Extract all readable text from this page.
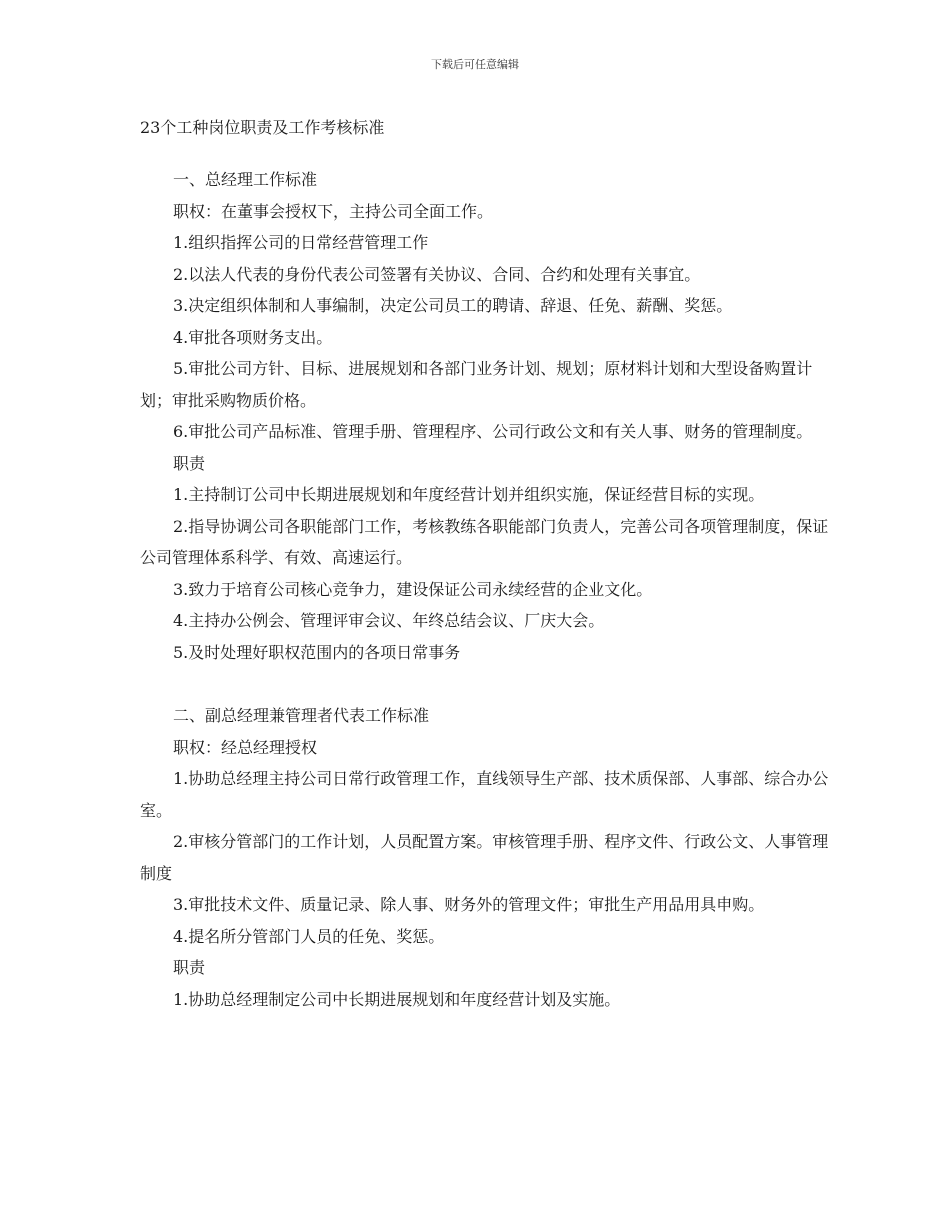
下载后可任意编辑
23个工种岗位职责及工作考核标准

一、总经理工作标准

职权：在董事会授权下，主持公司全面工作。

1.组织指挥公司的日常经营管理工作

2.以法人代表的身份代表公司签署有关协议、合同、合约和处理有关事宜。

3.决定组织体制和人事编制，决定公司员工的聘请、辞退、任免、薪酬、奖惩。

4.审批各项财务支出。

5.审批公司方针、目标、进展规划和各部门业务计划、规划；原材料计划和大型设备购置计划；审批采购物质价格。

6.审批公司产品标准、管理手册、管理程序、公司行政公文和有关人事、财务的管理制度。

职责

1.主持制订公司中长期进展规划和年度经营计划并组织实施，保证经营目标的实现。

2.指导协调公司各职能部门工作，考核教练各职能部门负责人，完善公司各项管理制度，保证公司管理体系科学、有效、高速运行。

3.致力于培育公司核心竞争力，建设保证公司永续经营的企业文化。

4.主持办公例会、管理评审会议、年终总结会议、厂庆大会。

5.及时处理好职权范围内的各项日常事务

二、副总经理兼管理者代表工作标准

职权：经总经理授权

1.协助总经理主持公司日常行政管理工作，直线领导生产部、技术质保部、人事部、综合办公室。

2.审核分管部门的工作计划，人员配置方案。审核管理手册、程序文件、行政公文、人事管理制度

3.审批技术文件、质量记录、除人事、财务外的管理文件；审批生产用品用具申购。

4.提名所分管部门人员的任免、奖惩。

职责

1.协助总经理制定公司中长期进展规划和年度经营计划及实施。
